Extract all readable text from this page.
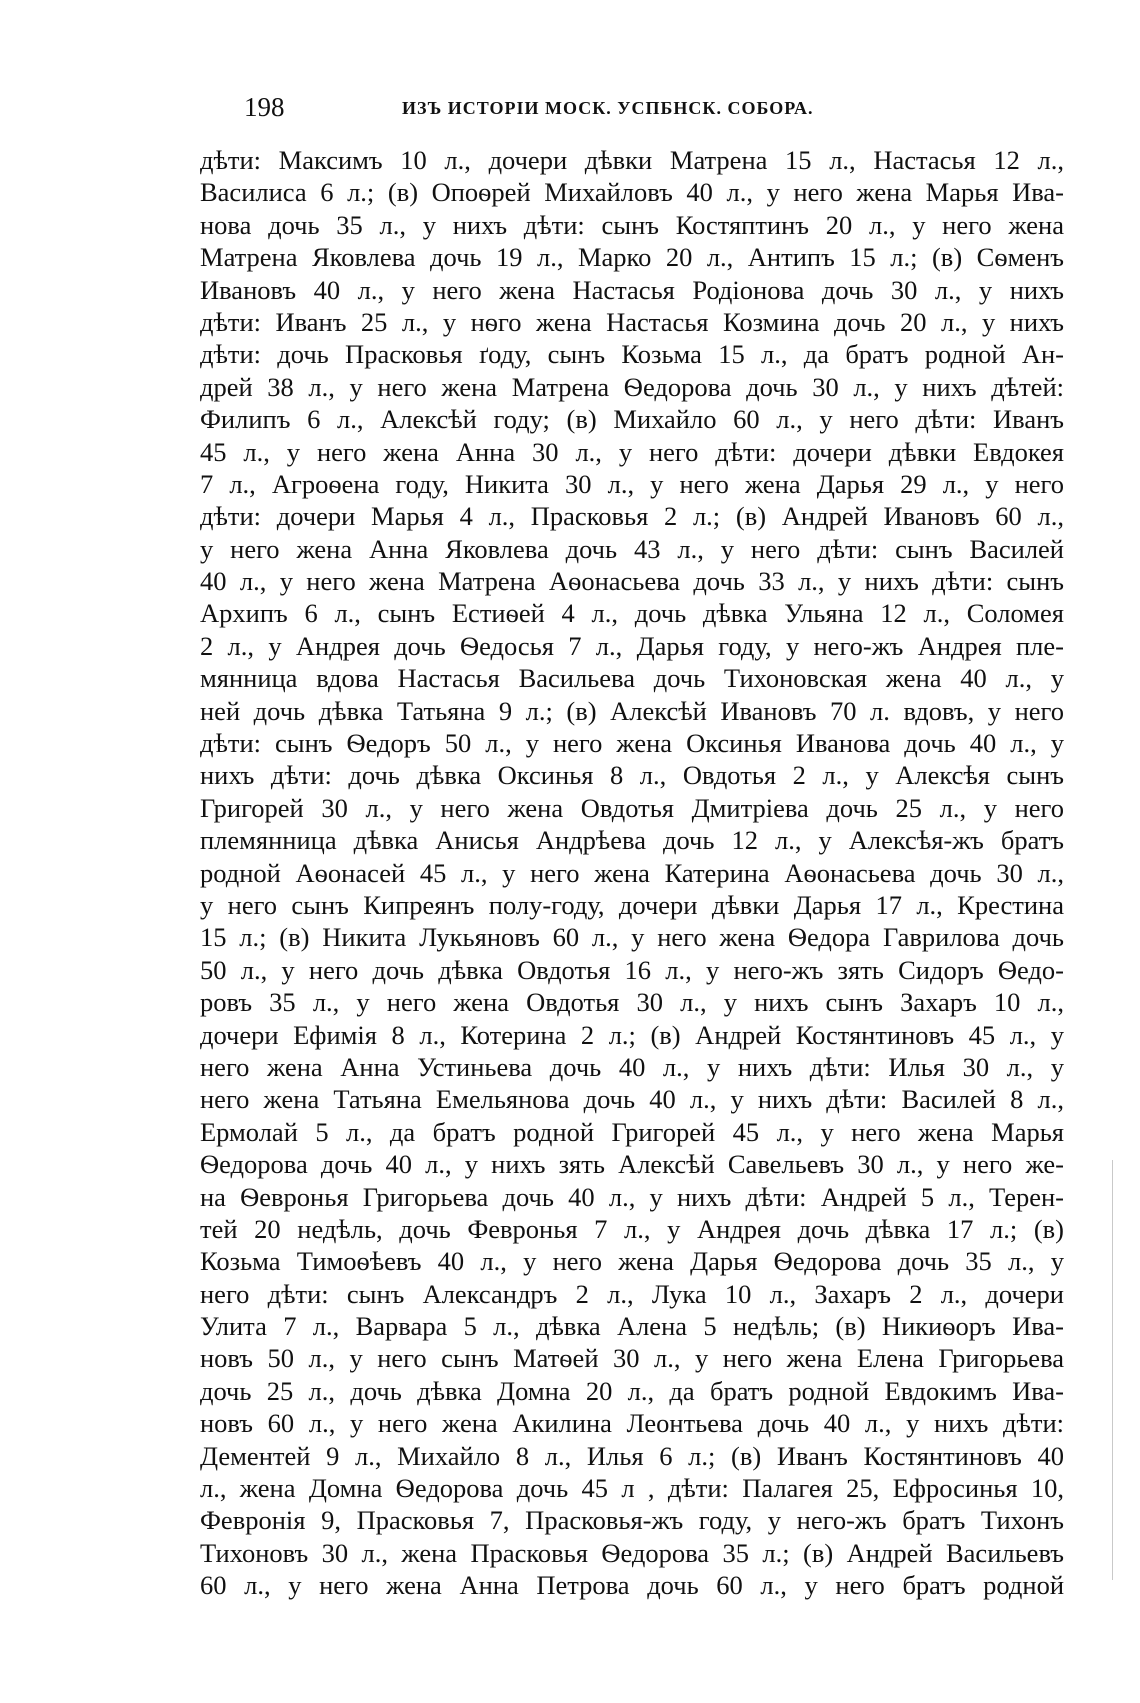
198	ИЗЪ ИСТОРІИ МОСК. УСПБНСК. СОБОРА.
дѣти: Максимъ 10 л., дочери дѣвки Матрена 15 л., Настасья 12 л.,
Василиса 6 л.; (в) Опоѳрей Михайловъ 40 л., у него жена Марья Ива-
нова дочь 35 л., у нихъ дѣти: сынъ Костяптинъ 20 л., у него жена
Матрена Яковлева дочь 19 л., Марко 20 л., Антипъ 15 л.; (в) Сѳменъ
Ивановъ 40 л., у него жена Настасья Родіонова дочь 30 л., у нихъ
дѣти: Иванъ 25 л., у нѳго жена Настасья Козмина дочь 20 л., у нихъ
дѣти: дочь Прасковья ґоду, сынъ Козьма 15 л., да братъ родной Ан-
дрей 38 л., у него жена Матрена Ѳедорова дочь 30 л., у нихъ дѣтей:
Филипъ 6 л., Алексѣй году; (в) Михайло 60 л., у него дѣти: Иванъ
45 л., у него жена Анна 30 л., у него дѣти: дочери дѣвки Евдокея
7 л., Агроѳена году, Никита 30 л., у него жена Дарья 29 л., у него
дѣти: дочери Марья 4 л., Прасковья 2 л.; (в) Андрей Ивановъ 60 л.,
у него жена Анна Яковлева дочь 43 л., у него дѣти: сынъ Василей
40 л., у него жена Матрена Аѳонасьева дочь 33 л., у нихъ дѣти: сынъ
Архипъ 6 л., сынъ Естиѳей 4 л., дочь дѣвка Ульяна 12 л., Соломея
2 л., у Андрея дочь Ѳедосья 7 л., Дарья году, у него-жъ Андрея пле-
мянница вдова Настасья Васильева дочь Тихоновская жена 40 л., у
ней дочь дѣвка Татьяна 9 л.; (в) Алексѣй Ивановъ 70 л. вдовъ, у него
дѣти: сынъ Ѳедоръ 50 л., у него жена Оксинья Иванова дочь 40 л., у
нихъ дѣти: дочь дѣвка Оксинья 8 л., Овдотья 2 л., у Алексѣя сынъ
Григорей 30 л., у него жена Овдотья Дмитріева дочь 25 л., у него
племянница дѣвка Анисья Андрѣева дочь 12 л., у Алексѣя-жъ братъ
родной Аѳонасей 45 л., у него жена Катерина Аѳонасьева дочь 30 л.,
у него сынъ Кипреянъ полу-году, дочери дѣвки Дарья 17 л., Крестина
15 л.; (в) Никита Лукьяновъ 60 л., у него жена Ѳедора Гаврилова дочь
50 л., у него дочь дѣвка Овдотья 16 л., у него-жъ зять Сидоръ Ѳедо-
ровъ 35 л., у него жена Овдотья 30 л., у нихъ сынъ Захаръ 10 л.,
дочери Ефимія 8 л., Котерина 2 л.; (в) Андрей Костянтиновъ 45 л., у
него жена Анна Устиньева дочь 40 л., у нихъ дѣти: Илья 30 л., у
него жена Татьяна Емельянова дочь 40 л., у нихъ дѣти: Василей 8 л.,
Ермолай 5 л., да братъ родной Григорей 45 л., у него жена Марья
Ѳедорова дочь 40 л., у нихъ зять Алексѣй Савельевъ 30 л., у него же-
на Ѳевронья Григорьева дочь 40 л., у нихъ дѣти: Андрей 5 л., Терен-
тей 20 недѣль, дочь Февронья 7 л., у Андрея дочь дѣвка 17 л.; (в)
Козьма Тимоѳѣевъ 40 л., у него жена Дарья Ѳедорова дочь 35 л., у
него дѣти: сынъ Александръ 2 л., Лука 10 л., Захаръ 2 л., дочери
Улита 7 л., Варвара 5 л., дѣвка Алена 5 недѣль; (в) Никиѳоръ Ива-
новъ 50 л., у него сынъ Матѳей 30 л., у него жена Елена Григорьева
дочь 25 л., дочь дѣвка Домна 20 л., да братъ родной Евдокимъ Ива-
новъ 60 л., у него жена Акилина Леонтьева дочь 40 л., у нихъ дѣти:
Дементей 9 л., Михайло 8 л., Илья 6 л.; (в) Иванъ Костянтиновъ 40
л., жена Домна Ѳедорова дочь 45 л , дѣти: Палагея 25, Ефросинья 10,
Февронія 9, Прасковья 7, Прасковья-жъ году, у него-жъ братъ Тихонъ
Тихоновъ 30 л., жена Прасковья Ѳедорова 35 л.; (в) Андрей Васильевъ
60 л., у него жена Анна Петрова дочь 60 л., у него братъ родной
